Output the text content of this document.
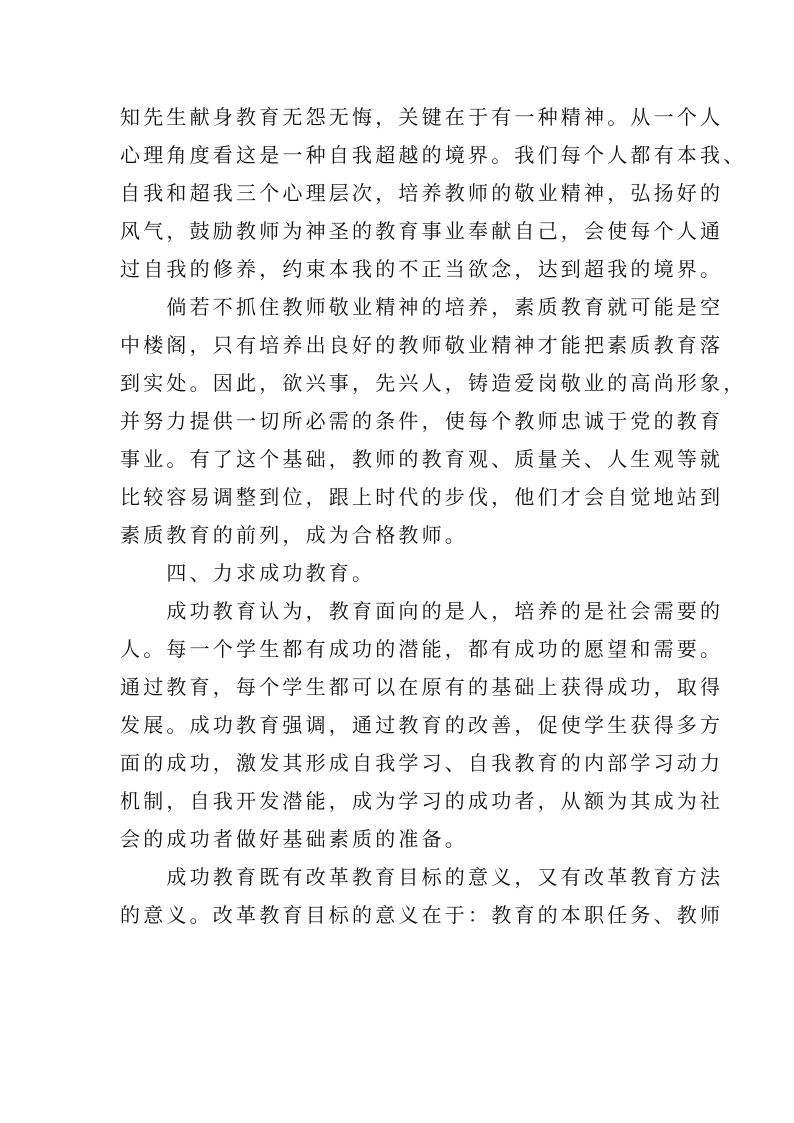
知先生献身教育无怨无悔，关键在于有一种精神。从一个人
心理角度看这是一种自我超越的境界。我们每个人都有本我、
自我和超我三个心理层次，培养教师的敬业精神，弘扬好的
风气，鼓励教师为神圣的教育事业奉献自己，会使每个人通
过自我的修养，约束本我的不正当欲念，达到超我的境界。
　　倘若不抓住教师敬业精神的培养，素质教育就可能是空
中楼阁，只有培养出良好的教师敬业精神才能把素质教育落
到实处。因此，欲兴事，先兴人，铸造爱岗敬业的高尚形象，
并努力提供一切所必需的条件，使每个教师忠诚于党的教育
事业。有了这个基础，教师的教育观、质量关、人生观等就
比较容易调整到位，跟上时代的步伐，他们才会自觉地站到
素质教育的前列，成为合格教师。
　　四、力求成功教育。
　　成功教育认为，教育面向的是人，培养的是社会需要的
人。每一个学生都有成功的潜能，都有成功的愿望和需要。
通过教育，每个学生都可以在原有的基础上获得成功，取得
发展。成功教育强调，通过教育的改善，促使学生获得多方
面的成功，激发其形成自我学习、自我教育的内部学习动力
机制，自我开发潜能，成为学习的成功者，从额为其成为社
会的成功者做好基础素质的准备。
　　成功教育既有改革教育目标的意义，又有改革教育方法
的意义。改革教育目标的意义在于：教育的本职任务、教师
